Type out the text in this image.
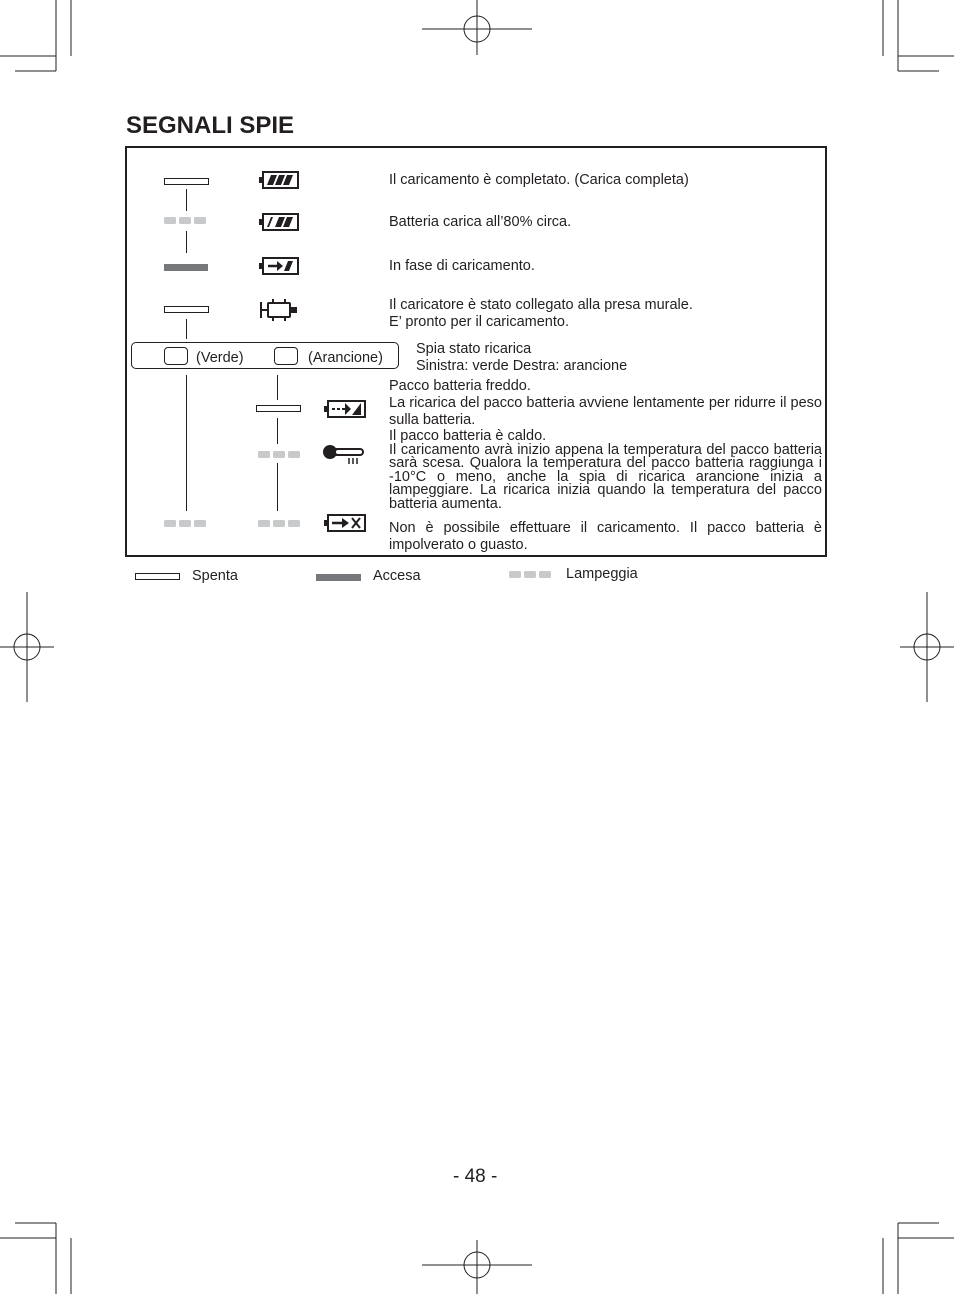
SEGNALI SPIE
Il caricamento è completato. (Carica completa)
Batteria carica all’80% circa.
In fase di caricamento.
Il caricatore è stato collegato alla presa murale.
E’ pronto per il caricamento.
(Verde)	(Arancione)
Spia stato ricarica
Sinistra: verde Destra: arancione
Pacco batteria freddo.
La ricarica del pacco batteria avviene lentamente per ridurre il peso sulla batteria.
Il pacco batteria è caldo.
Il caricamento avrà inizio appena la temperatura del pacco batteria sarà scesa. Qualora la temperatura del pacco batteria raggiunga i -10°C o meno, anche la spia di ricarica arancione inizia a lampeggiare. La ricarica inizia quando la temperatura del pacco batteria aumenta.
Non è possibile effettuare il caricamento. Il pacco batteria è impolverato o guasto.
Spenta	Accesa	Lampeggia
- 48 -
